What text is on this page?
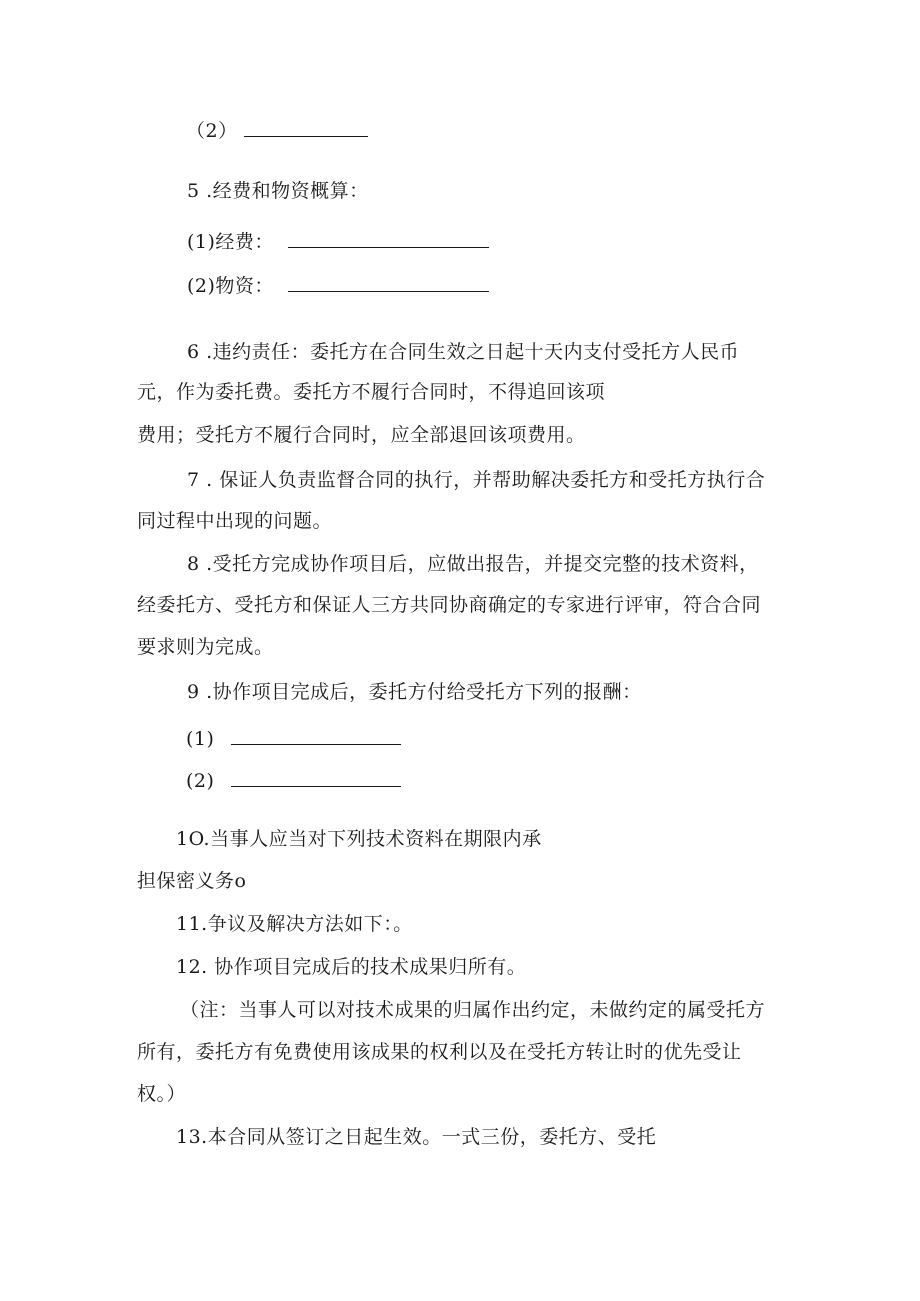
（2）
5 .经费和物资概算：
(1)经费：
(2)物资：
6 .违约责任：委托方在合同生效之日起十天内支付受托方人民币
元，作为委托费。委托方不履行合同时，不得追回该项
费用；受托方不履行合同时，应全部退回该项费用。
7 . 保证人负责监督合同的执行，并帮助解决委托方和受托方执行合
同过程中出现的问题。
8 .受托方完成协作项目后，应做出报告，并提交完整的技术资料，
经委托方、受托方和保证人三方共同协商确定的专家进行评审，符合合同
要求则为完成。
9 .协作项目完成后，委托方付给受托方下列的报酬：
(1)
(2)
1O.当事人应当对下列技术资料在期限内承
担保密义务o
11.争议及解决方法如下：。
12. 协作项目完成后的技术成果归所有。
（注：当事人可以对技术成果的归属作出约定，未做约定的属受托方
所有，委托方有免费使用该成果的权利以及在受托方转让时的优先受让
权。）
13.本合同从签订之日起生效。一式三份，委托方、受托
